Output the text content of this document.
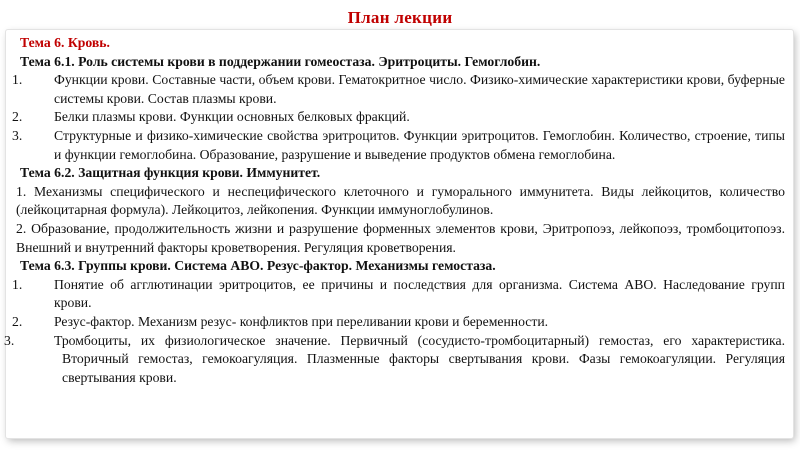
План лекции
Тема 6. Кровь.
Тема 6.1. Роль системы крови в поддержании гомеостаза. Эритроциты. Гемоглобин.
1. Функции крови. Составные части, объем крови. Гематокритное число. Физико-химические характеристики крови, буферные системы крови. Состав плазмы крови.
2. Белки плазмы крови. Функции основных белковых фракций.
3. Структурные и физико-химические свойства эритроцитов. Функции эритроцитов. Гемоглобин. Количество, строение, типы и функции гемоглобина. Образование, разрушение и выведение продуктов обмена гемоглобина.
Тема 6.2. Защитная функция крови. Иммунитет.
1. Механизмы специфического и неспецифического клеточного и гуморального иммунитета. Виды лейкоцитов, количество (лейкоцитарная формула). Лейкоцитоз, лейкопения. Функции иммуноглобулинов.
2. Образование, продолжительность жизни и разрушение форменных элементов крови, Эритропоэз, лейкопоэз, тромбоцитопоэз. Внешний и внутренний факторы кроветворения. Регуляция кроветворения.
Тема 6.3. Группы крови. Система АВО. Резус-фактор. Механизмы гемостаза.
1. Понятие об агглютинации эритроцитов, ее причины и последствия для организма. Система АВО. Наследование групп крови.
2. Резус-фактор. Механизм резус- конфликтов при переливании крови и беременности.
3.	Тромбоциты, их физиологическое значение. Первичный (сосудисто-тромбоцитарный) гемостаз, его характеристика. Вторичный гемостаз, гемокоагуляция. Плазменные факторы свертывания крови. Фазы гемокоагуляции. Регуляция свертывания крови.
